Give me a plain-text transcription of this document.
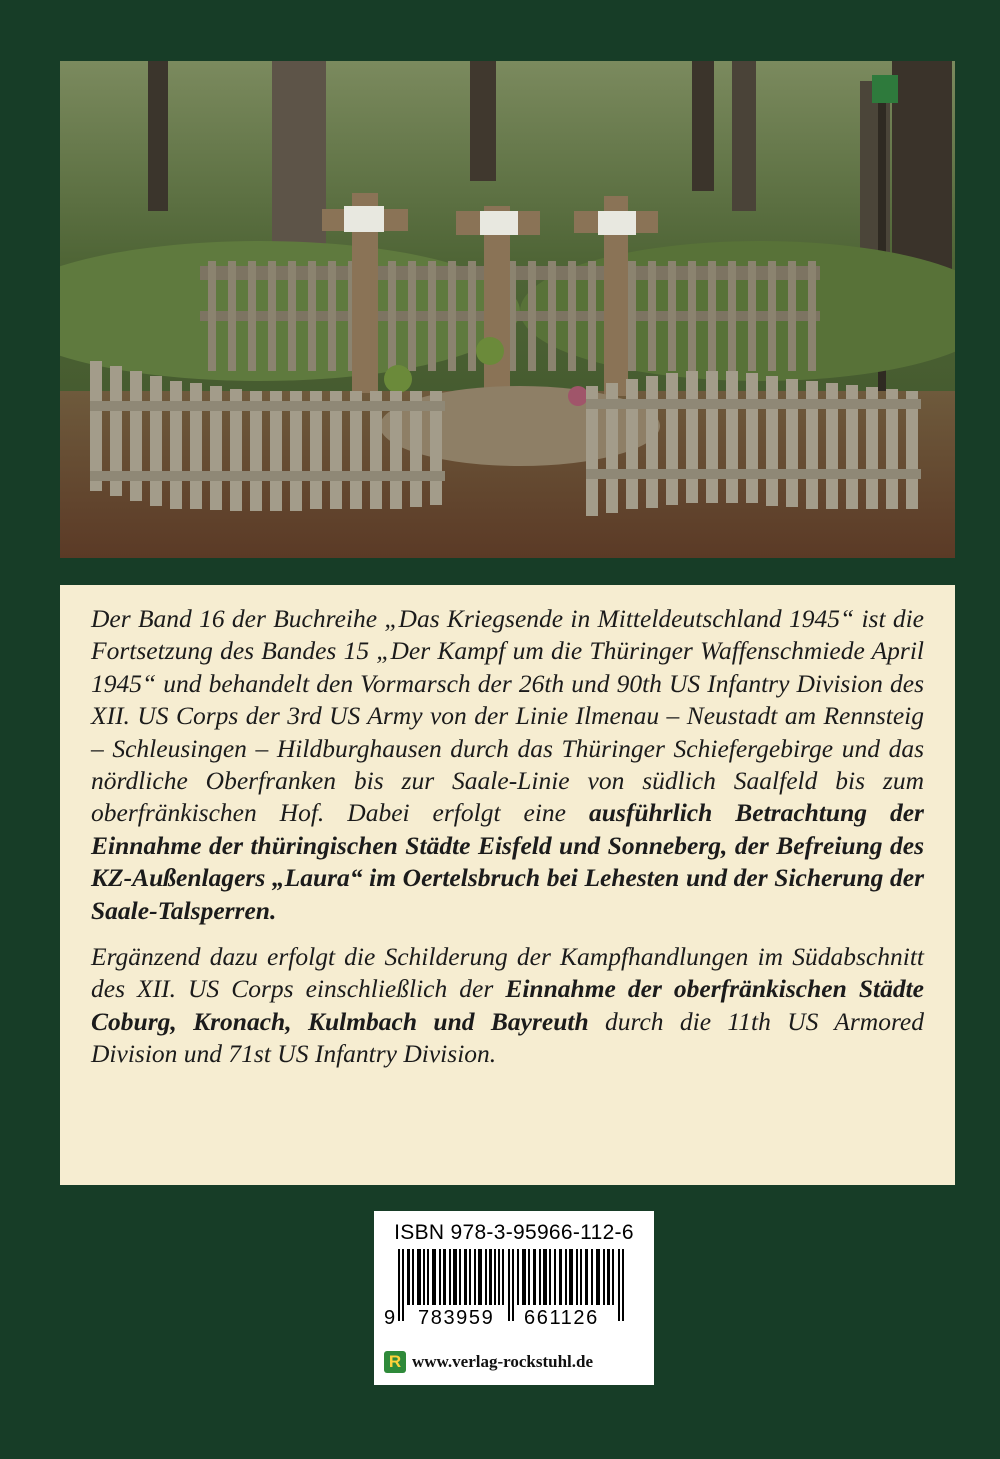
Der Band 16 der Buchreihe „Das Kriegsende in Mitteldeutschland 1945“ ist die Fortsetzung des Bandes 15 „Der Kampf um die Thüringer Waffenschmiede April 1945“ und behandelt den Vormarsch der 26th und 90th US Infantry Division des XII. US Corps der 3rd US Army von der Linie Ilmenau – Neustadt am Rennsteig – Schleusingen – Hildburghausen durch das Thüringer Schiefergebirge und das nördliche Oberfranken bis zur Saale-Linie von südlich Saalfeld bis zum oberfränkischen Hof. Dabei erfolgt eine ausführlich Betrachtung der Einnahme der thüringischen Städte Eisfeld und Sonneberg, der Befreiung des KZ-Außenlagers „Laura“ im Oertelsbruch bei Lehesten und der Sicherung der Saale-Talsperren.

Ergänzend dazu erfolgt die Schilderung der Kampfhandlungen im Südabschnitt des XII. US Corps einschließlich der Einnahme der oberfränkischen Städte Coburg, Kronach, Kulmbach und Bayreuth durch die 11th US Armored Division und 71st US Infantry Division.

ISBN 978-3-95966-112-6
9 783959 661126
R www.verlag-rockstuhl.de
